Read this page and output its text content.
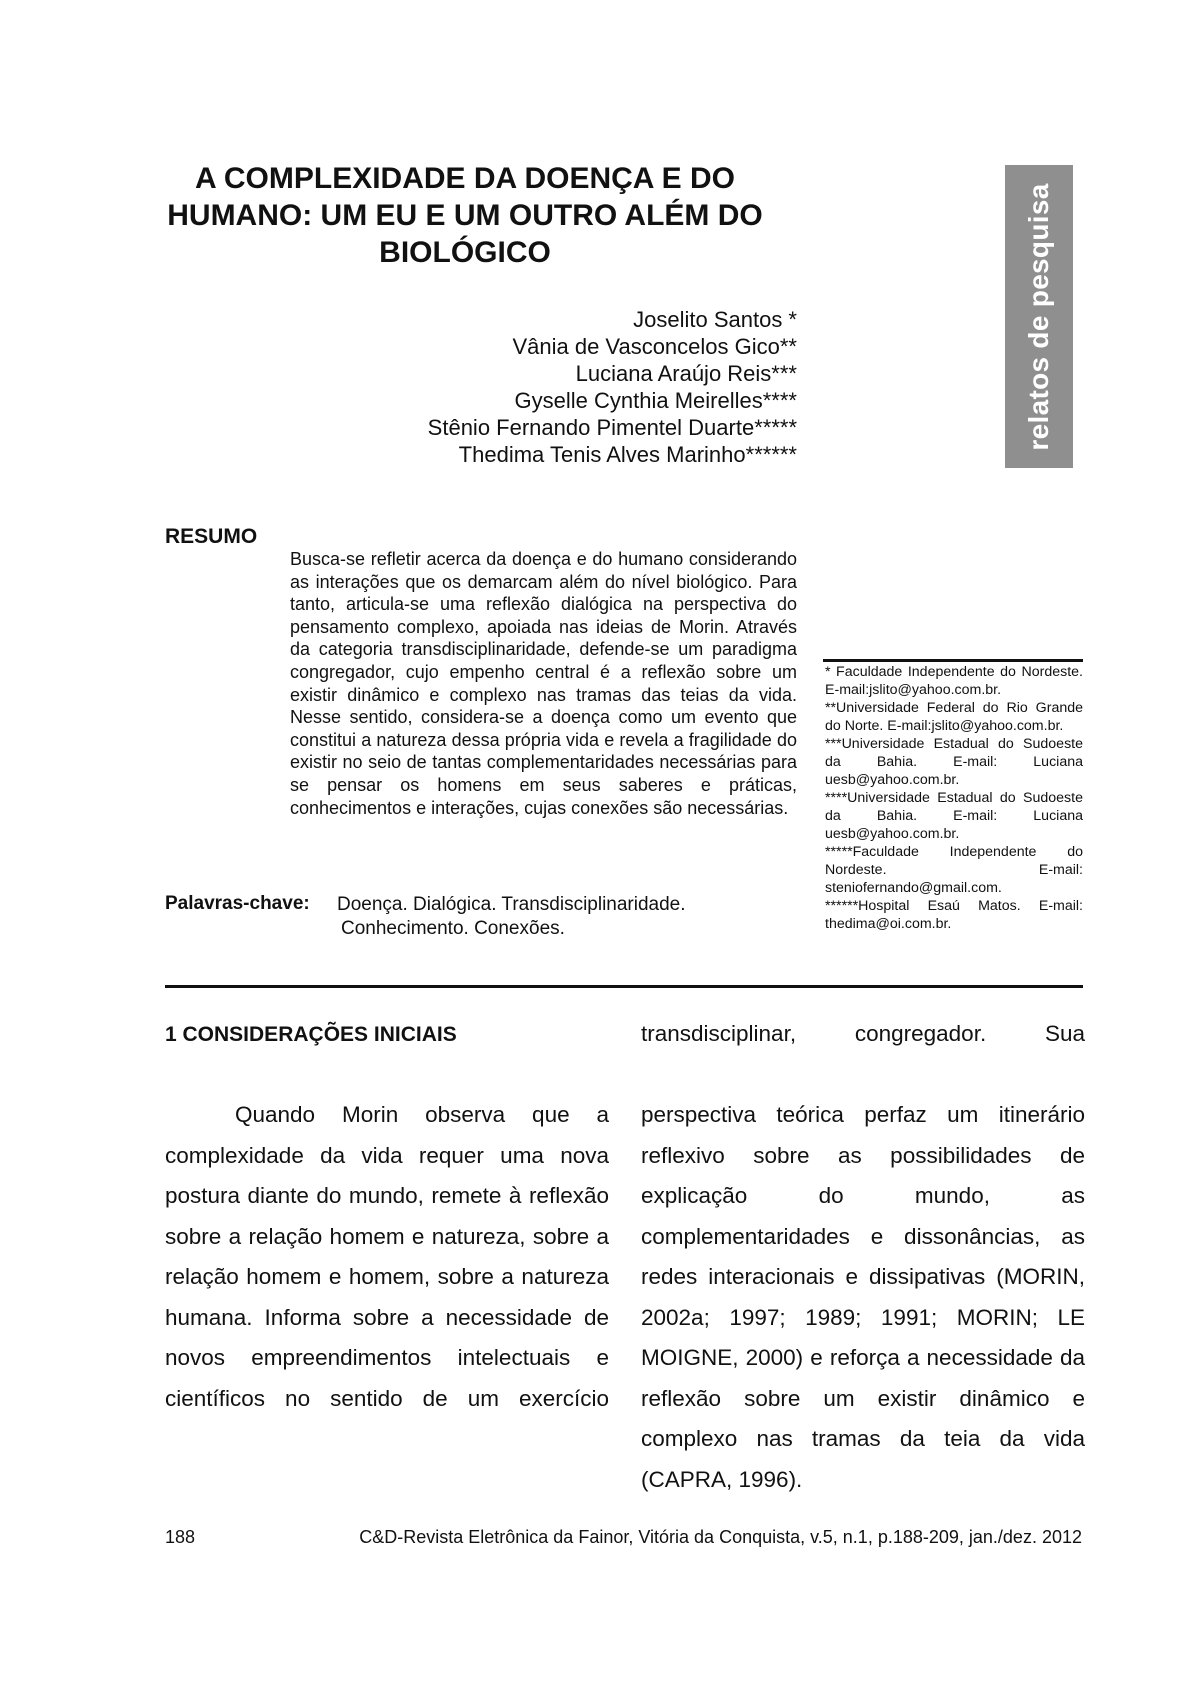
A COMPLEXIDADE DA DOENÇA E DO
HUMANO: UM EU E UM OUTRO ALÉM DO
BIOLÓGICO	relatos de pesquisa
Joselito Santos *
Vânia de Vasconcelos Gico**
Luciana Araújo Reis***
Gyselle Cynthia Meirelles****
Stênio Fernando Pimentel Duarte*****
Thedima Tenis Alves Marinho******
RESUMO
Busca-se refletir acerca da doença e do humano considerando as interações que os demarcam além do nível biológico. Para tanto, articula-se uma reflexão dialógica na perspectiva do pensamento complexo, apoiada nas ideias de Morin. Através da categoria transdisciplinaridade, defende-se um paradigma congregador, cujo empenho central é a reflexão sobre um existir dinâmico e complexo nas tramas das teias da vida. Nesse sentido, considera-se a doença como um evento que constitui a natureza dessa própria vida e revela a fragilidade do existir no seio de tantas complementaridades necessárias para se pensar os homens em seus saberes e práticas, conhecimentos e interações, cujas conexões são necessárias.
Palavras-chave: Doença. Dialógica. Transdisciplinaridade.
Conhecimento. Conexões.

* Faculdade Independente do Nordeste. E-mail:jslito@yahoo.com.br.

**Universidade Federal do Rio Grande do Norte. E-mail:jslito@yahoo.com.br.

***Universidade Estadual do Sudoeste da Bahia. E-mail: Luciana uesb@yahoo.com.br.

****Universidade Estadual do Sudoeste da Bahia. E-mail: Luciana uesb@yahoo.com.br.

*****Faculdade Independente do Nordeste. E-mail: steniofernando@gmail.com.

******Hospital Esaú Matos. E-mail: thedima@oi.com.br.

1 CONSIDERAÇÕES INICIAIS

Quando Morin observa que a complexidade da vida requer uma nova postura diante do mundo, remete à reflexão sobre a relação homem e natureza, sobre a relação homem e homem, sobre a natureza humana. Informa sobre a necessidade de novos empreendimentos intelectuais e científicos no sentido de um exercício

transdisciplinar, congregador. Sua

perspectiva teórica perfaz um itinerário reflexivo sobre as possibilidades de explicação do mundo, as complementaridades e dissonâncias, as redes interacionais e dissipativas (MORIN, 2002a; 1997; 1989; 1991; MORIN; LE MOIGNE, 2000) e reforça a necessidade da reflexão sobre um existir dinâmico e complexo nas tramas da teia da vida (CAPRA, 1996).

188	C&D-Revista Eletrônica da Fainor, Vitória da Conquista, v.5, n.1, p.188-209, jan./dez. 2012
